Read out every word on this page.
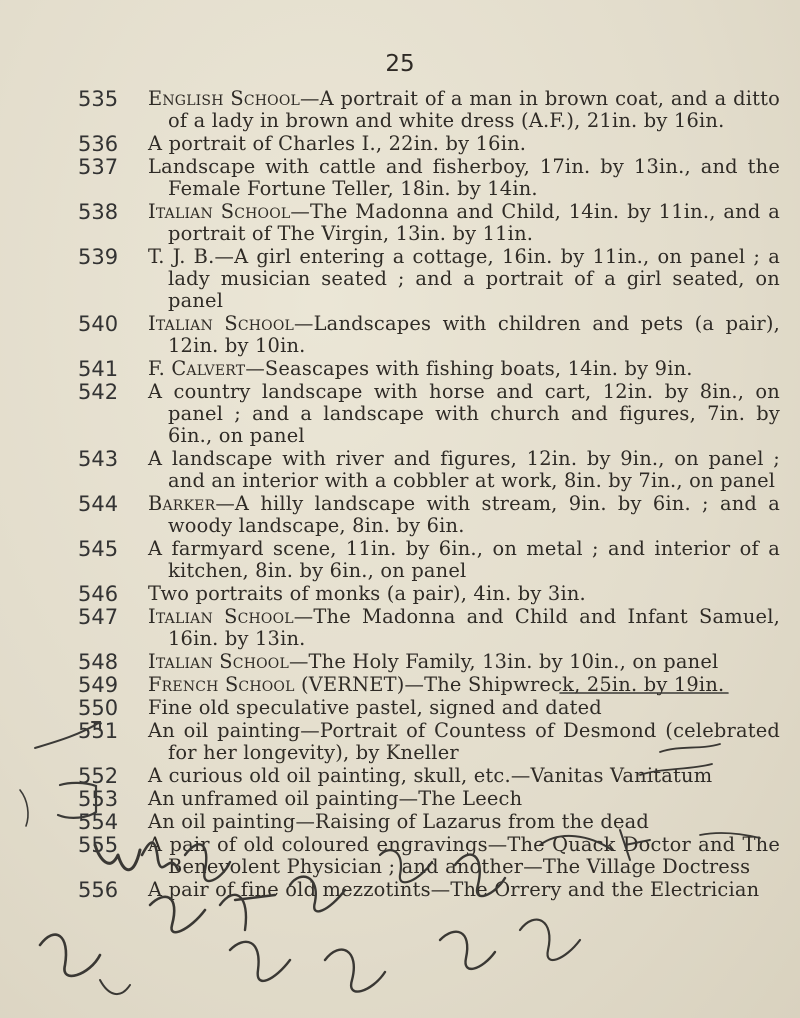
25
535	English School—A portrait of a man in brown coat, and a ditto of a lady in brown and white dress (A.F.), 21in. by 16in.
536	A portrait of Charles I., 22in. by 16in.
537	Landscape with cattle and fisherboy, 17in. by 13in., and the Female Fortune Teller, 18in. by 14in.
538	Italian School—The Madonna and Child, 14in. by 11in., and a portrait of The Virgin, 13in. by 11in.
539	T. J. B.—A girl entering a cottage, 16in. by 11in., on panel ; a lady musician seated ; and a portrait of a girl seated, on panel
540	Italian School—Landscapes with children and pets (a pair), 12in. by 10in.
541	F. Calvert—Seascapes with fishing boats, 14in. by 9in.
542	A country landscape with horse and cart, 12in. by 8in., on panel ; and a landscape with church and figures, 7in. by 6in., on panel
543	A landscape with river and figures, 12in. by 9in., on panel ; and an interior with a cobbler at work, 8in. by 7in., on panel
544	Barker—A hilly landscape with stream, 9in. by 6in. ; and a woody landscape, 8in. by 6in.
545	A farmyard scene, 11in. by 6in., on metal ; and interior of a kitchen, 8in. by 6in., on panel
546	Two portraits of monks (a pair), 4in. by 3in.
547	Italian School—The Madonna and Child and Infant Samuel, 16in. by 13in.
548	Italian School—The Holy Family, 13in. by 10in., on panel
549	French School (VERNET)—The Shipwreck, 25in. by 19in.
550	Fine old speculative pastel, signed and dated
551	An oil painting—Portrait of Countess of Desmond (celebrated for her longevity), by Kneller
552	A curious old oil painting, skull, etc.—Vanitas Vanitatum
553	An unframed oil painting—The Leech
554	An oil painting—Raising of Lazarus from the dead
555	A pair of old coloured engravings—The Quack Doctor and The Benevolent Physician ; and another—The Village Doctress
556	A pair of fine old mezzotints—The Orrery and the Electrician
